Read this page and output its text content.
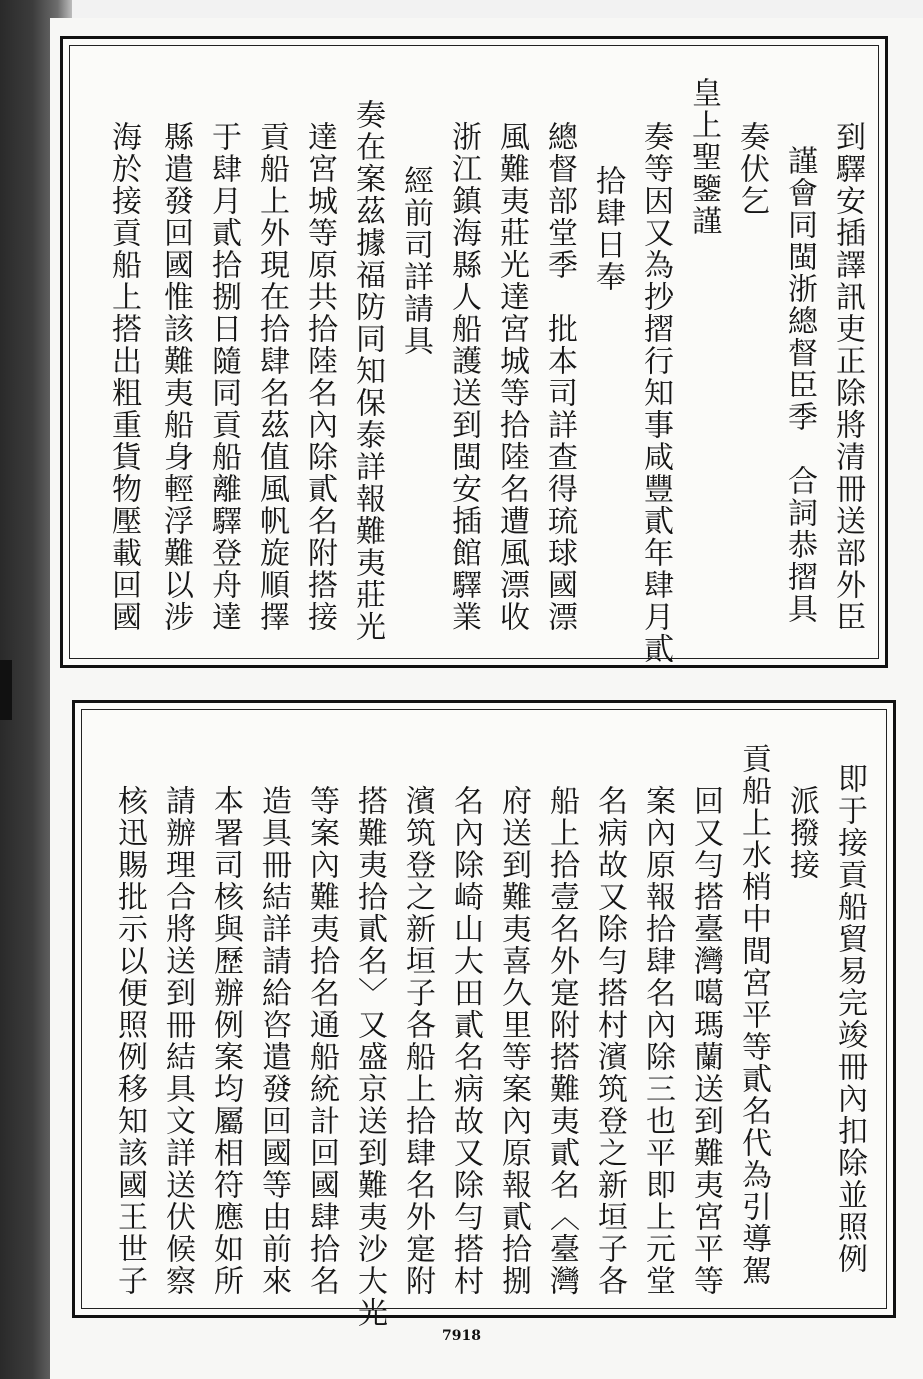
到驛安插譯訊吏正除將清冊送部外臣
謹會同閩浙總督臣季　合詞恭摺具
奏伏乞
皇上聖鑒謹
奏等因又為抄摺行知事咸豐貳年肆月貳
拾肆日奉
總督部堂季　批本司詳查得琉球國漂
風難夷莊光達宮城等拾陸名遭風漂收
浙江鎮海縣人船護送到閩安插館驛業
經前司詳請具
奏在案茲據福防同知保泰詳報難夷莊光
達宮城等原共拾陸名內除貳名附搭接
貢船上外現在拾肆名茲值風帆旋順擇
于肆月貳拾捌日隨同貢船離驛登舟達
縣遣發回國惟該難夷船身輕浮難以涉
海於接貢船上搭出粗重貨物壓載回國
即于接貢船貿易完竣冊內扣除並照例
派撥接
貢船上水梢中間宮平等貳名代為引導駕
回又勻搭臺灣噶瑪蘭送到難夷宮平等
案內原報拾肆名內除三也平即上元堂
名病故又除勻搭村濱筑登之新垣子各
船上拾壹名外寔附搭難夷貳名〈臺灣
府送到難夷喜久里等案內原報貳拾捌
名內除崎山大田貳名病故又除勻搭村
濱筑登之新垣子各船上拾肆名外寔附
搭難夷拾貳名〉又盛京送到難夷沙大光
等案內難夷拾名通船統計回國肆拾名
造具冊結詳請給咨遣發回國等由前來
本署司核與歷辦例案均屬相符應如所
請辦理合將送到冊結具文詳送伏候察
核迅賜批示以便照例移知該國王世子
7918
